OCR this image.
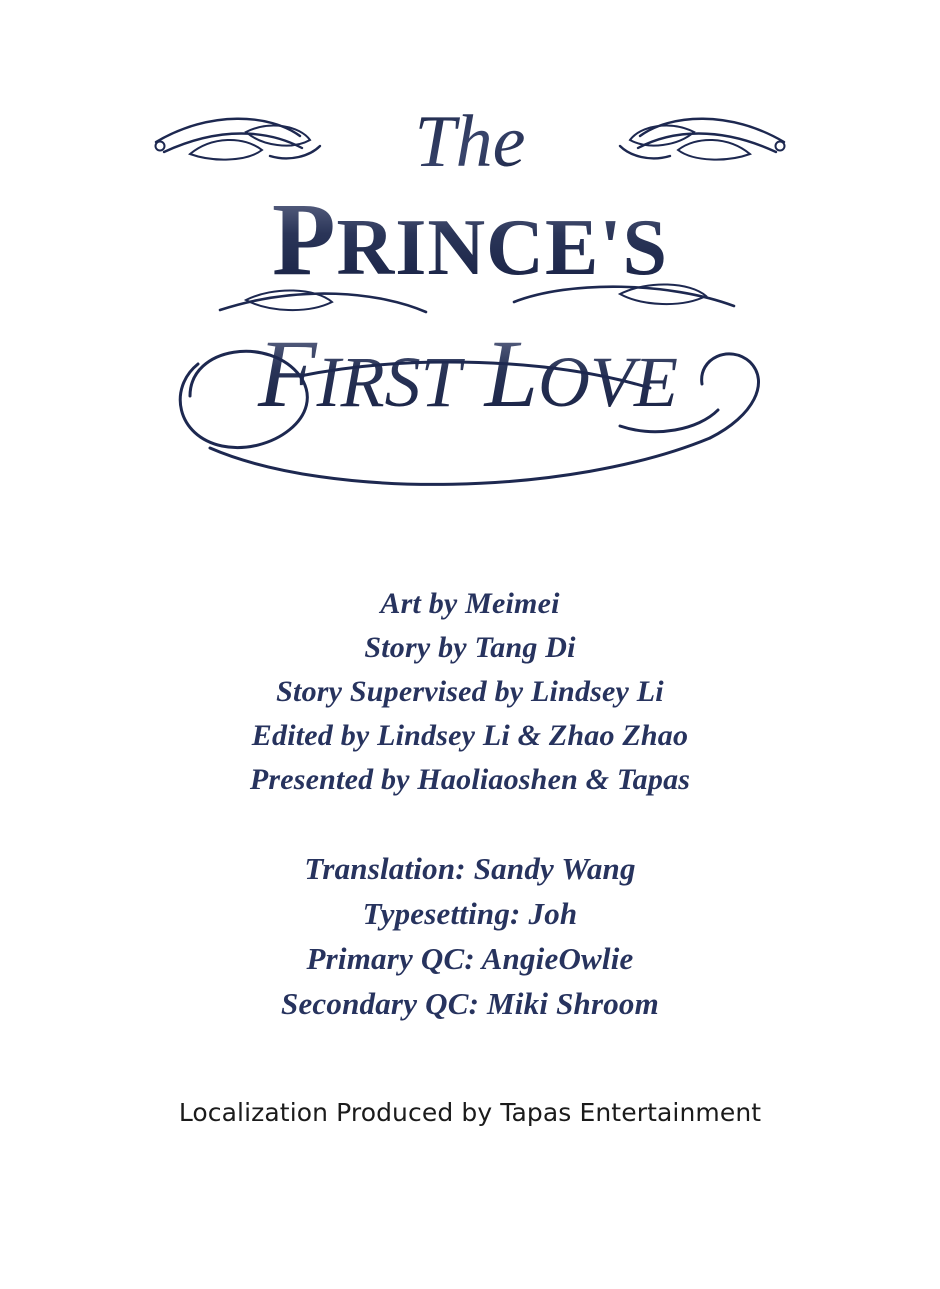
The
PRINCE'S
FIRST LOVE
Art by Meimei
Story by Tang Di
Story Supervised by Lindsey Li
Edited by Lindsey Li & Zhao Zhao
Presented by Haoliaoshen & Tapas
Translation: Sandy Wang
Typesetting: Joh
Primary QC: AngieOwlie
Secondary QC: Miki Shroom
Localization Produced by Tapas Entertainment
